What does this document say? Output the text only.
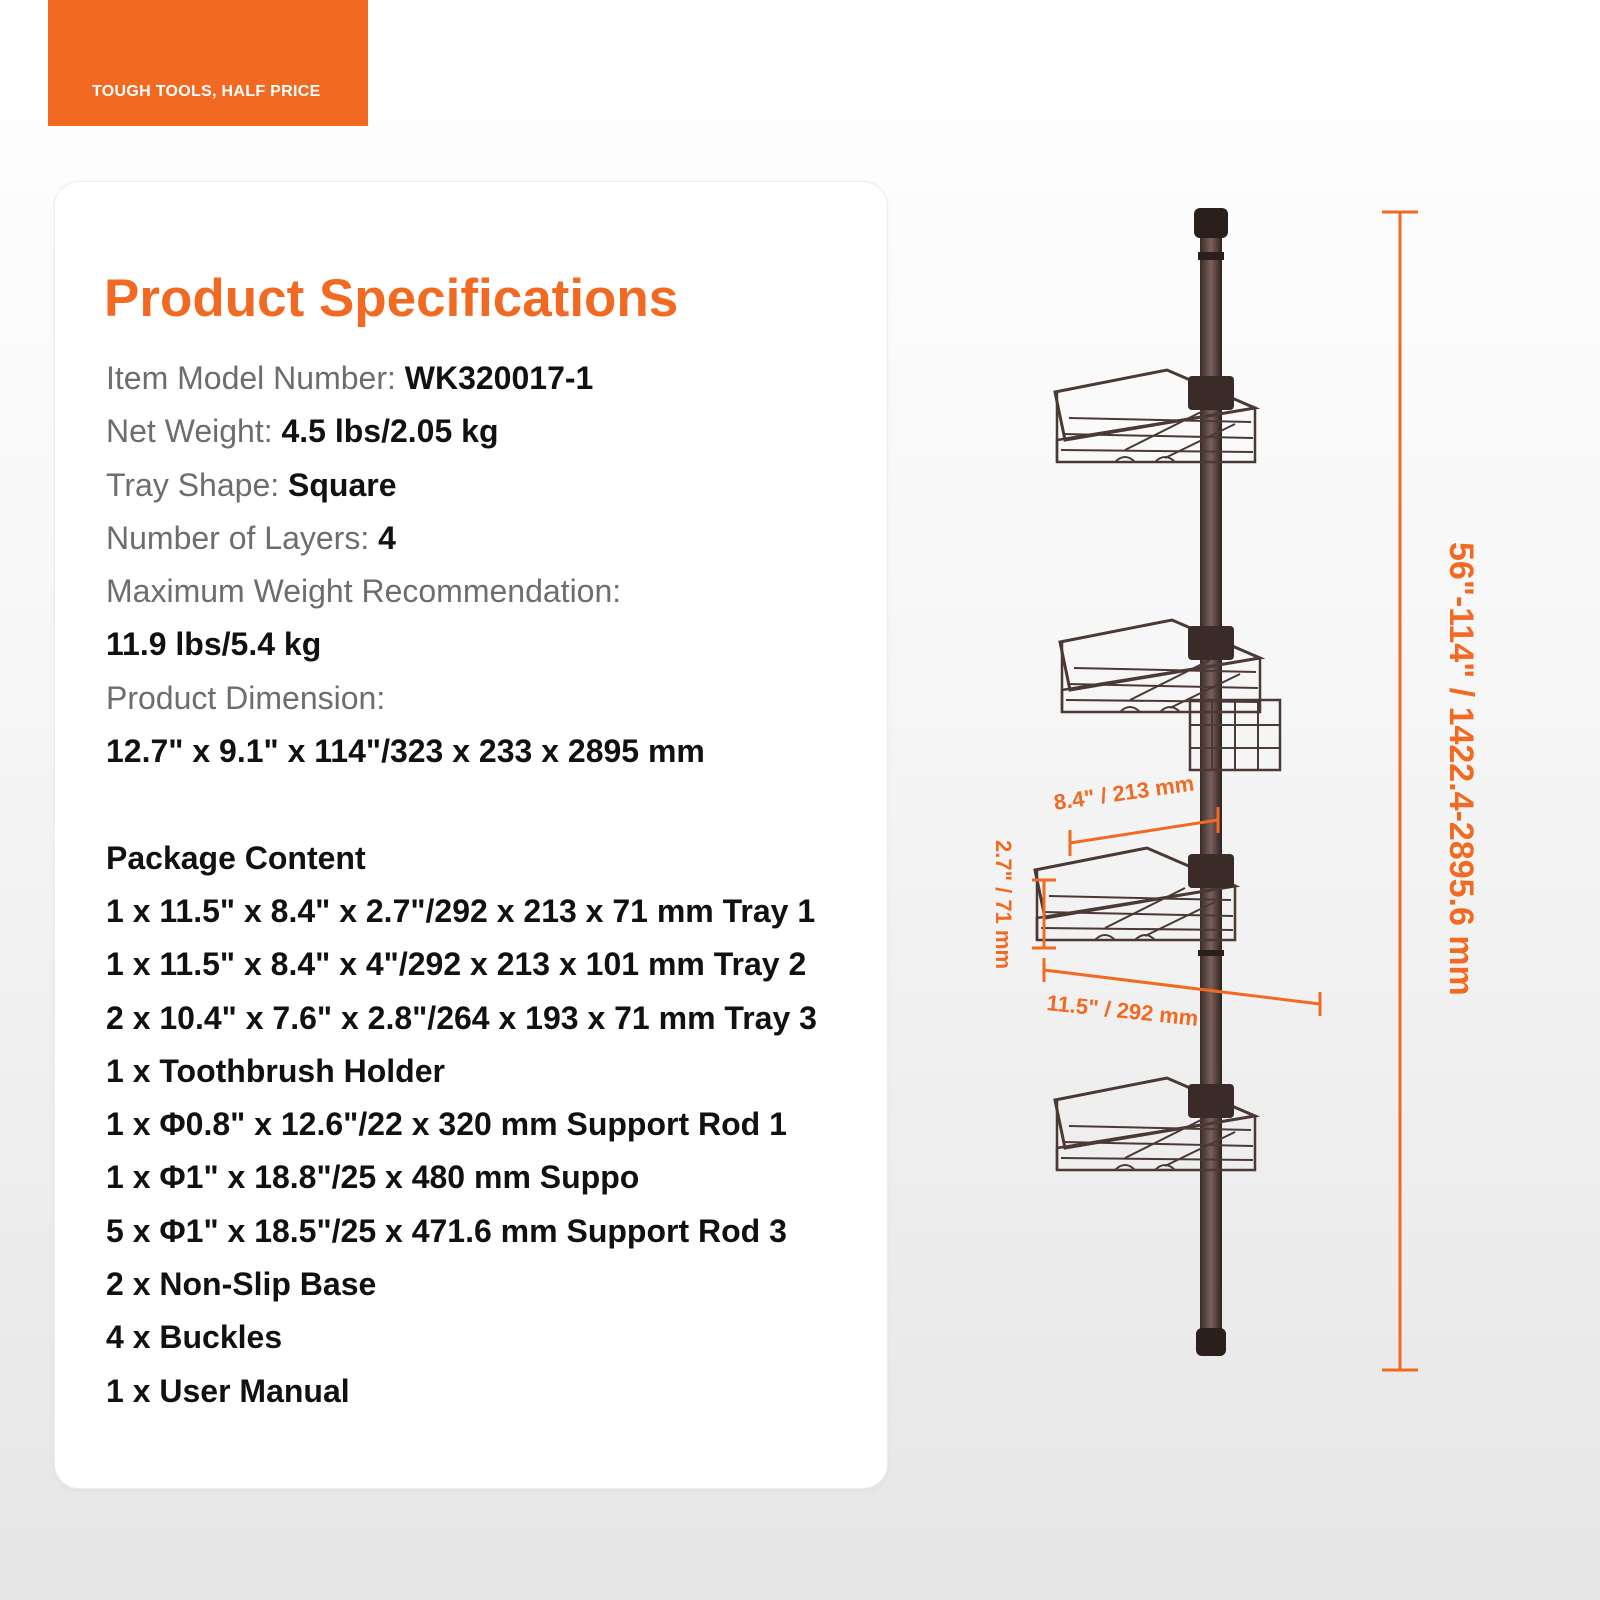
TOUGH TOOLS, HALF PRICE
Product Specifications
Item Model Number: WK320017-1
Net Weight: 4.5 lbs/2.05 kg
Tray Shape: Square
Number of Layers: 4
Maximum Weight Recommendation:
11.9 lbs/5.4 kg
Product Dimension:
12.7" x 9.1" x 114"/323 x 233 x 2895 mm
Package Content
1 x 11.5" x 8.4" x 2.7"/292 x 213 x 71 mm Tray 1
1 x 11.5" x 8.4" x 4"/292 x 213 x 101 mm Tray 2
2 x 10.4" x 7.6" x 2.8"/264 x 193 x 71 mm Tray 3
1 x Toothbrush Holder
1 x Φ0.8" x 12.6"/22 x 320 mm Support Rod 1
1 x Φ1" x 18.8"/25 x 480 mm Suppo
5 x Φ1" x 18.5"/25 x 471.6 mm Support Rod 3
2 x Non-Slip Base
4 x Buckles
1 x User Manual
56"-114" / 1422.4-2895.6 mm
8.4" / 213 mm
2.7" / 71 mm
11.5" / 292 mm
